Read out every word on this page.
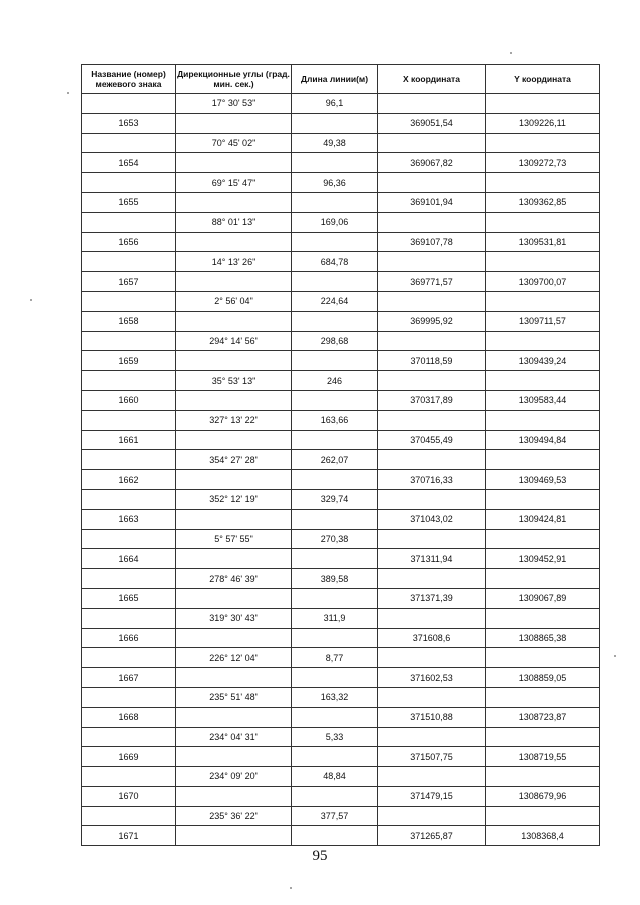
Название (номер) межевого знака	Дирекционные углы (град. мин. сек.)	Длина линии(м)	X координата	Y координата
	17° 30' 53"	96,1		
1653			369051,54	1309226,11
	70° 45' 02"	49,38		
1654			369067,82	1309272,73
	69° 15' 47"	96,36		
1655			369101,94	1309362,85
	88° 01' 13"	169,06		
1656			369107,78	1309531,81
	14° 13' 26"	684,78		
1657			369771,57	1309700,07
	2° 56' 04"	224,64		
1658			369995,92	1309711,57
	294° 14' 56"	298,68		
1659			370118,59	1309439,24
	35° 53' 13"	246		
1660			370317,89	1309583,44
	327° 13' 22"	163,66		
1661			370455,49	1309494,84
	354° 27' 28"	262,07		
1662			370716,33	1309469,53
	352° 12' 19"	329,74		
1663			371043,02	1309424,81
	5° 57' 55"	270,38		
1664			371311,94	1309452,91
	278° 46' 39"	389,58		
1665			371371,39	1309067,89
	319° 30' 43"	311,9		
1666			371608,6	1308865,38
	226° 12' 04"	8,77		
1667			371602,53	1308859,05
	235° 51' 48"	163,32		
1668			371510,88	1308723,87
	234° 04' 31"	5,33		
1669			371507,75	1308719,55
	234° 09' 20"	48,84		
1670			371479,15	1308679,96
	235° 36' 22"	377,57		
1671			371265,87	1308368,4
95
